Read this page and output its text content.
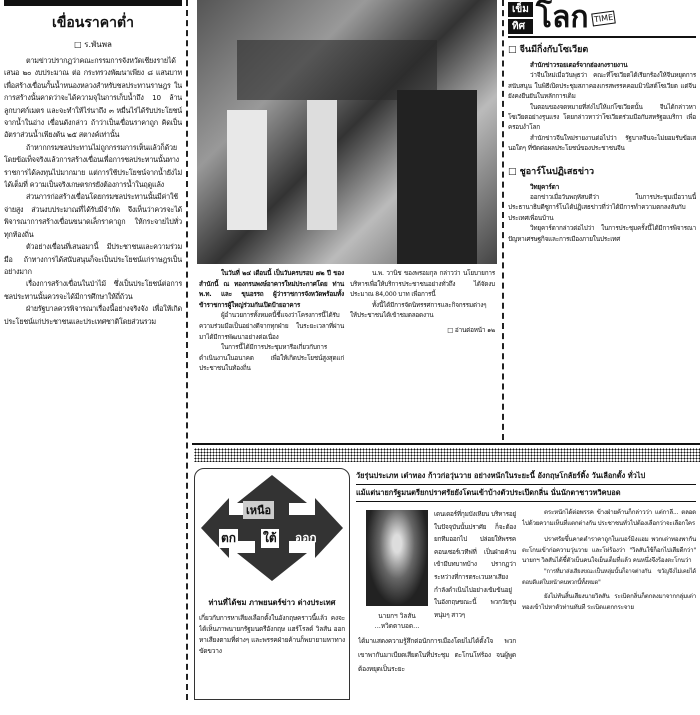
เขื่อนราคาต่ำ
□ ร.พันพล

ตามข่าวปรากฏว่าคณะกรรมการจังหวัดเชียงรายได้เสนอ ๒๐ งบประมาณ ต่อ กระทรวงพัฒนาเพียง ๘ แสนบาท เพื่อสร้างเขื่อนกั้นน้ำหนองหลวงสำหรับชลประทานราษฎร ในการสร้างนั้นคาดว่าจะได้ความจุในการเก็บน้ำถึง 10 ล้านลูกบาศก์เมตร และจะทำให้ไร่นาถึง ๓ หมื่นไร่ได้รับประโยชน์จากน้ำในอ่าง เขื่อนดังกล่าว ถ้าว่าเป็นเขื่อนราคาถูก คิดเป็นอัตราส่วนน้ำเพียงต้น ๒๕ สตางค์เท่านั้น

ถ้าหากกรมชลประทานไม่ถูกกรรมการเห็นแล้วก็ด้วย โดยข้อเท็จจริงแล้วการสร้างเขื่อนเพื่อการชลประทานนั้นทางราชการได้ลงทุนไปมากมาย แต่การใช้ประโยชน์จากน้ำยังไม่ได้เต็มที่ ความเป็นจริงเกษตรกรยังต้องการน้ำในฤดูแล้ง

ส่วนการก่อสร้างเขื่อนโดยกรมชลประทานนั้นมีค่าใช้จ่ายสูง ส่วนงบประมาณที่ได้รับมีจำกัด จึงเห็นว่าควรจะได้พิจารณาการสร้างเขื่อนขนาดเล็กราคาถูก ให้กระจายไปทั่วทุกท้องถิ่น

ตัวอย่างเขื่อนที่เสนอมานี้ มีประชาชนและความร่วมมือ ถ้าทางการได้สนับสนุนก็จะเป็นประโยชน์แก่ราษฎรเป็นอย่างมาก

เรื่องการสร้างเขื่อนในป่าไม้ ซึ่งเป็นประโยชน์ต่อการชลประทานนั้นควรจะได้มีการศึกษาให้ถี่ถ้วน

ฝ่ายรัฐบาลควรพิจารณาเรื่องนี้อย่างจริงจัง เพื่อให้เกิดประโยชน์แก่ประชาชนและประเทศชาติโดยส่วนรวม

ในวันที่ ๒๔ เดือนนี้ เป็นวันครบรอบ ๗๒ ปี ของสำนักนี้ ณ ทองกรนพงษ์อาคารใหม่ประกาศโดย ท่าน พ.ท. และ ขุนอรรถ ผู้ว่าราชการจังหวัดพร้อมทั้งข้าราชการผู้ใหญ่ร่วมกันเปิดป้ายอาคาร

ผู้อำนวยการทั้งหมดนี้ชี้แจงว่าโครงการนี้ได้รับความร่วมมือเป็นอย่างดีจากทุกฝ่าย ในระยะเวลาที่ผ่านมาได้มีการพัฒนาอย่างต่อเนื่อง

ในการนี้ได้มีการประชุมหารือเกี่ยวกับการดำเนินงานในอนาคต เพื่อให้เกิดประโยชน์สูงสุดแก่ประชาชนในท้องถิ่น

น.พ. วานิช ของพรอมกุล กล่าวว่า นโยบายการบริหารเพื่อให้บริการประชาชนอย่างทั่วถึง ได้จัดงบประมาณ 84,000 บาท เพื่อการนี้

ทั้งนี้ได้มีการจัดนิทรรศการและกิจกรรมต่างๆ ให้ประชาชนได้เข้าชมตลอดงาน

□ อ่านต่อหน้า ๑๒
เข็ม
ทิศ โลก TIME
□ จีนมีกิ่งกับโซเวียต

สำนักข่าวรอยเตอร์จากฮ่องกงรายงาน

ว่าจีนใหม่เมื่อวันพุธว่า คณะที่โซเวียตได้เรียกร้องให้จีนหยุดการสนับสนุน ในพิธีเปิดประชุมสภาคองเกรสพรรคคอมมิวนิสต์โซเวียต แต่จีนยังคงยืนยันในหลักการเดิม

ในตอนของจดหมายที่ส่งไปให้แก่โซเวียตนั้น จีนได้กล่าวหาโซเวียตอย่างรุนแรง โดยกล่าวหาว่าโซเวียตร่วมมือกับสหรัฐอเมริกา เพื่อครอบงำโลก

สำนักข่าวจีนใหม่รายงานต่อไปว่า รัฐบาลจีนจะไม่ยอมรับข้อเสนอใดๆ ที่ขัดต่อผลประโยชน์ของประชาชนจีน

□ ชูอาร์โนปฏิเสธข่าว

วิทยุคาร์ตา

ออกข่าวเมื่อวันพฤหัสบดีว่า ในการประชุมเมื่อวานนี้ประธานาธิบดีซูการ์โนได้ปฏิเสธข่าวที่ว่าได้มีการทำความตกลงลับกับประเทศเพื่อนบ้าน

วิทยุคาร์ตากล่าวต่อไปว่า ในการประชุมครั้งนี้ได้มีการพิจารณาปัญหาเศรษฐกิจและการเมืองภายในประเทศ

เหนือ
ตก ใต้ ออก
ท่านที่ได้ชม ภาพยนตร์ข่าว ต่างประเทศ
เกี่ยวกับการหาเสียงเลือกตั้งในอังกฤษคราวนี้แล้ว คงจะได้เห็นภาพนายกรัฐมนตรีอังกฤษ แฮร์โรลด์ วิลสัน ออกหาเสียงตามที่ต่างๆ และพรรคฝ่ายค้านก็พยายามหาทางขัดขวาง
วัยรุ่นประเภท เต๋าทอง ก้าวก่อวุ่นวาย อย่างหนักในระยะนี้ อังกฤษโกลัยร์ดิ้ง วันเลือกตั้ง ทั่วไป
แม้แต่นายกรัฐมนตรียกปราศรัยยังโดนเข้าบ้างตัวประเป๊ดกลิ่น นั่นนักตาชาวหวิคบอด
นายกฯ วิลสัน
...หวิดตาบอด...
เดนเดอร์ที่กุมบังเหียน บริหารอยู่ในปัจจุบันนั้นปราศัย ก็จะต้องยกทีมออกไป ปล่อยให้พรรคคอนเซอร์เวทีฟที่ เป็นฝ่ายค้าน เข้ามีบทบาทบ้าง ปรากฏว่า ระหว่างที่การตระเวนหาเสียงกำลังดำเนินไปอย่างเข้มข้นอยู่ในอังกฤษขณะนี้ พวกวัยรุ่นหนุ่มๆ สาวๆ
ได้มาแสดงความรู้สึกต่อนักการเมืองโดยไม่ได้ตั้งใจ พวกเขาพากันมาเบียดเสียดในที่ประชุม ตะโกนโห่ร้อง จนผู้พูดต้องหยุดเป็นระยะ

ตระหนักได้ต่อพรรค ข้างฝ่ายค้านก็กล่าวว่า แต่กาลี... ตลอดไปด้วยความเห็นที่แตกต่างกัน ประชาชนทั่วไปต้องเลือกว่าจะเลือกใคร

ปราศรัยขึ้นคาดตำราคาถูกในเบอร์มิงแฮม พวกเต่าทองพากันตะโกนเข้าก่อความวุ่นวาย และโห่ร้องว่า "วิลสันใช้ก็อกไปเสียดีกว่า" นายกฯ วิลสันได้ชี้ตัวเบ็นคนใจเย็นเต็มที่แล้ว คนหนึ่งจึงร้องตะโกนว่า

"การที่มาส่งเสียงขณะเป็นหลุ่มนั้นก็อาจต่างกัน ขวัญจึงไม่เคยได้ตอบดีแต่ในหน้าคนพวกนี้ทั้งหมด"

ยังไม่ทันสิ้นเสียงนายวิลสัน ระเบิดกลิ่นก็ตกลงมาจากกลุ่มเต่าทองเข้าไปหาตัวท่านทันที ระเบิดแตกกระจาย
